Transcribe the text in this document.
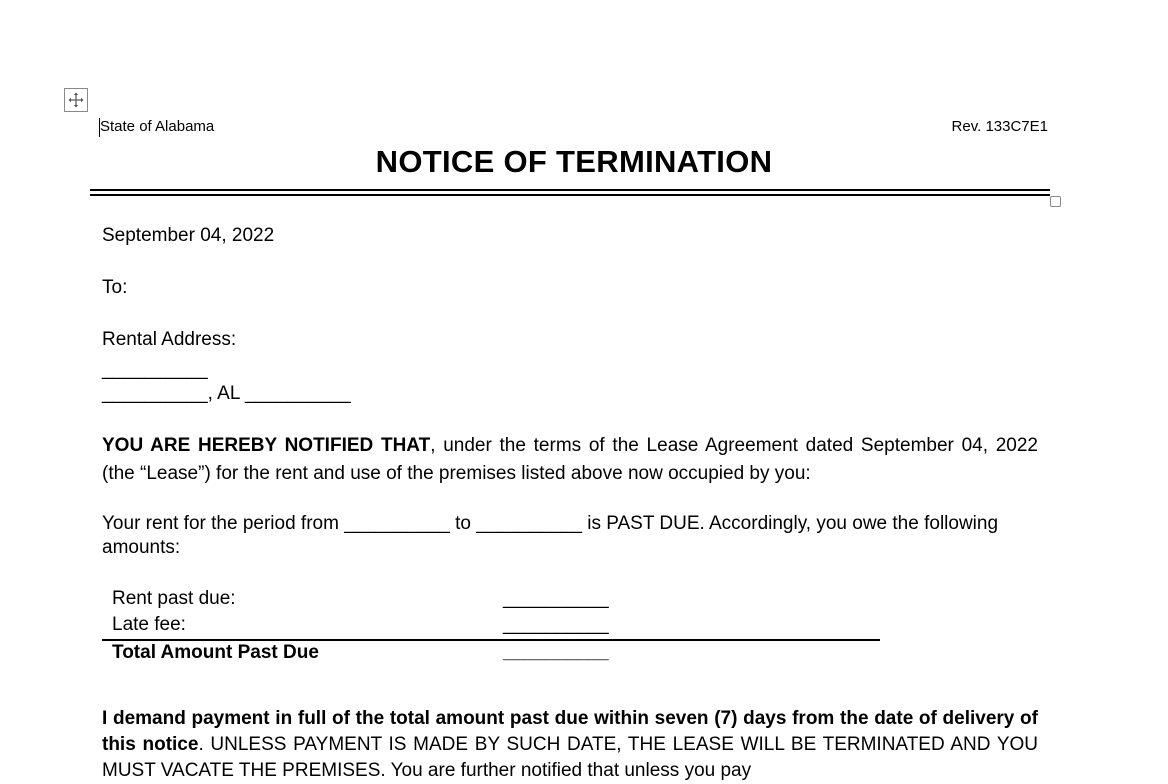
State of Alabama	Rev. 133C7E1
NOTICE OF TERMINATION
September 04, 2022
To:
Rental Address:
__________
__________, AL __________
YOU ARE HEREBY NOTIFIED THAT, under the terms of the Lease Agreement dated September 04, 2022 (the “Lease”) for the rent and use of the premises listed above now occupied by you:
Your rent for the period from __________ to __________ is PAST DUE. Accordingly, you owe the following amounts:
Rent past due:	__________
Late fee:	__________
Total Amount Past Due	__________
I demand payment in full of the total amount past due within seven (7) days from the date of delivery of this notice. UNLESS PAYMENT IS MADE BY SUCH DATE, THE LEASE WILL BE TERMINATED AND YOU MUST VACATE THE PREMISES. You are further notified that unless you pay
